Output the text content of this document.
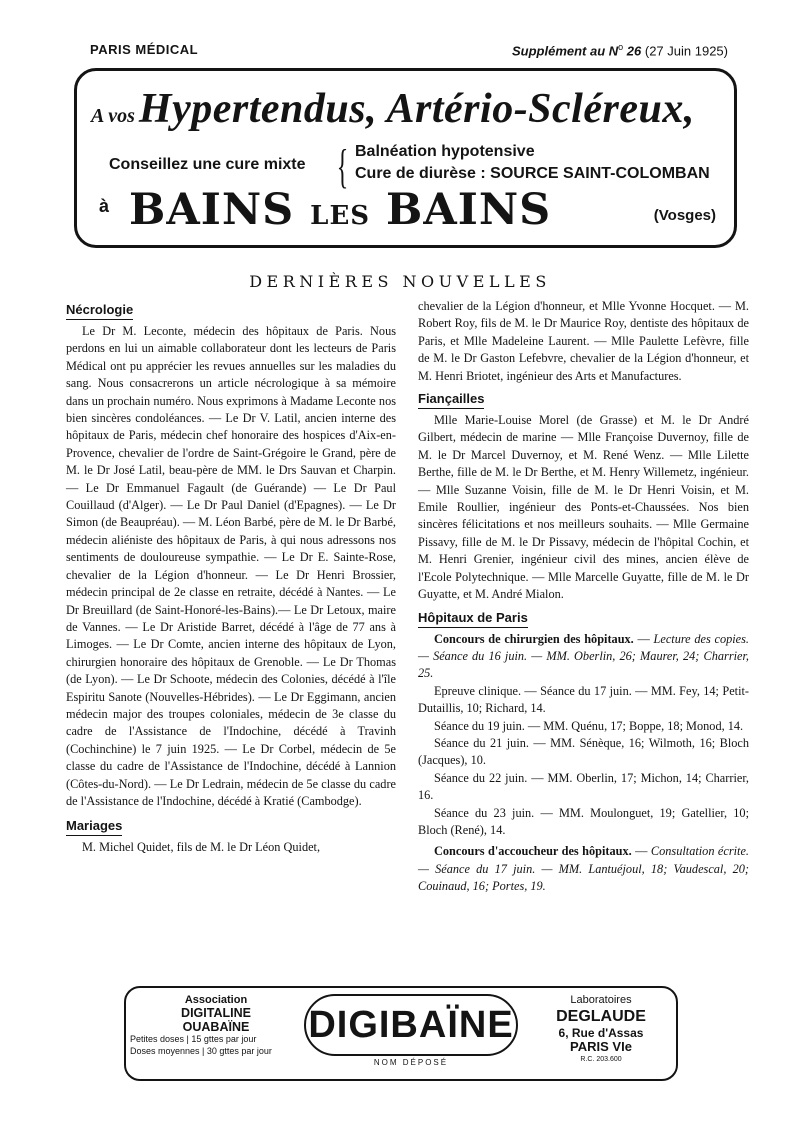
PARIS MÉDICAL	Supplément au $N^o$ 26 (27 Juin 1925)
A vos Hypertendus, Artério-Scléreux,
Conseillez une cure mixte { Balnéation hypotensive
Cure de diurèse : SOURCE SAINT-COLOMBAN
à BAINS LES BAINS	(Vosges)
DERNIÈRES NOUVELLES
Nécrologie

Le Dr M. Leconte, médecin des hôpitaux de Paris. Nous perdons en lui un aimable collaborateur dont les lecteurs de Paris Médical ont pu apprécier les revues annuelles sur les maladies du sang. Nous consacrerons un article nécrologique à sa mémoire dans un prochain numéro. Nous exprimons à Madame Leconte nos bien sincères condoléances. — Le Dr V. Latil, ancien interne des hôpitaux de Paris, médecin chef honoraire des hospices d'Aix-en-Provence, chevalier de l'ordre de Saint-Grégoire le Grand, père de M. le Dr José Latil, beau-père de MM. le Drs Sauvan et Charpin. — Le Dr Emmanuel Fagault (de Guérande) — Le Dr Paul Couillaud (d'Alger). — Le Dr Paul Daniel (d'Epagnes). — Le Dr Simon (de Beaupréau). — M. Léon Barbé, père de M. le Dr Barbé, médecin aliéniste des hôpitaux de Paris, à qui nous adressons nos sentiments de douloureuse sympathie. — Le Dr E. Sainte-Rose, chevalier de la Légion d'honneur. — Le Dr Henri Brossier, médecin principal de 2e classe en retraite, décédé à Nantes. — Le Dr Breuillard (de Saint-Honoré-les-Bains).— Le Dr Letoux, maire de Vannes. — Le Dr Aristide Barret, décédé à l'âge de 77 ans à Limoges. — Le Dr Comte, ancien interne des hôpitaux de Lyon, chirurgien honoraire des hôpitaux de Grenoble. — Le Dr Thomas (de Lyon). — Le Dr Schoote, médecin des Colonies, décédé à l'île Espiritu Sanote (Nouvelles-Hébrides). — Le Dr Eggimann, ancien médecin major des troupes coloniales, médecin de 3e classe du cadre de l'Assistance de l'Indochine, décédé à Travinh (Cochinchine) le 7 juin 1925. — Le Dr Corbel, médecin de 5e classe du cadre de l'Assistance de l'Indochine, décédé à Lannion (Côtes-du-Nord). — Le Dr Ledrain, médecin de 5e classe du cadre de l'Assistance de l'Indochine, décédé à Kratié (Cambodge).

Mariages

M. Michel Quidet, fils de M. le Dr Léon Quidet,

chevalier de la Légion d'honneur, et Mlle Yvonne Hocquet. — M. Robert Roy, fils de M. le Dr Maurice Roy, dentiste des hôpitaux de Paris, et Mlle Madeleine Laurent. — Mlle Paulette Lefèvre, fille de M. le Dr Gaston Lefebvre, chevalier de la Légion d'honneur, et M. Henri Briotet, ingénieur des Arts et Manufactures.

Fiançailles

Mlle Marie-Louise Morel (de Grasse) et M. le Dr André Gilbert, médecin de marine — Mlle Françoise Duvernoy, fille de M. le Dr Marcel Duvernoy, et M. René Wenz. — Mlle Lilette Berthe, fille de M. le Dr Berthe, et M. Henry Willemetz, ingénieur. — Mlle Suzanne Voisin, fille de M. le Dr Henri Voisin, et M. Emile Roullier, ingénieur des Ponts-et-Chaussées. Nos bien sincères félicitations et nos meilleurs souhaits. — Mlle Germaine Pissavy, fille de M. le Dr Pissavy, médecin de l'hôpital Cochin, et M. Henri Grenier, ingénieur civil des mines, ancien élève de l'Ecole Polytechnique. — Mlle Marcelle Guyatte, fille de M. le Dr Guyatte, et M. André Mialon.

Hôpitaux de Paris

Concours de chirurgien des hôpitaux. — Lecture des copies. — Séance du 16 juin. — MM. Oberlin, 26; Maurer, 24; Charrier, 25.

Epreuve clinique. — Séance du 17 juin. — MM. Fey, 14; Petit-Dutaillis, 10; Richard, 14.

Séance du 19 juin. — MM. Quénu, 17; Boppe, 18; Monod, 14.

Séance du 21 juin. — MM. Sénèque, 16; Wilmoth, 16; Bloch (Jacques), 10.

Séance du 22 juin. — MM. Oberlin, 17; Michon, 14; Charrier, 16.

Séance du 23 juin. — MM. Moulonguet, 19; Gatellier, 10; Bloch (René), 14.

Concours d'accoucheur des hôpitaux. — Consultation écrite. — Séance du 17 juin. — MM. Lantuéjoul, 18; Vaudescal, 20; Couinaud, 16; Portes, 19.

Association
DIGITALINE
OUABAÏNE
Petites doses | 15 gttes par jour
Doses moyennes | 30 gttes par jour
DIGIBAÏNE
NOM DÉPOSÉ
Laboratoires
DEGLAUDE
6, Rue d'Assas
PARIS VIe
R.C. 203.600
